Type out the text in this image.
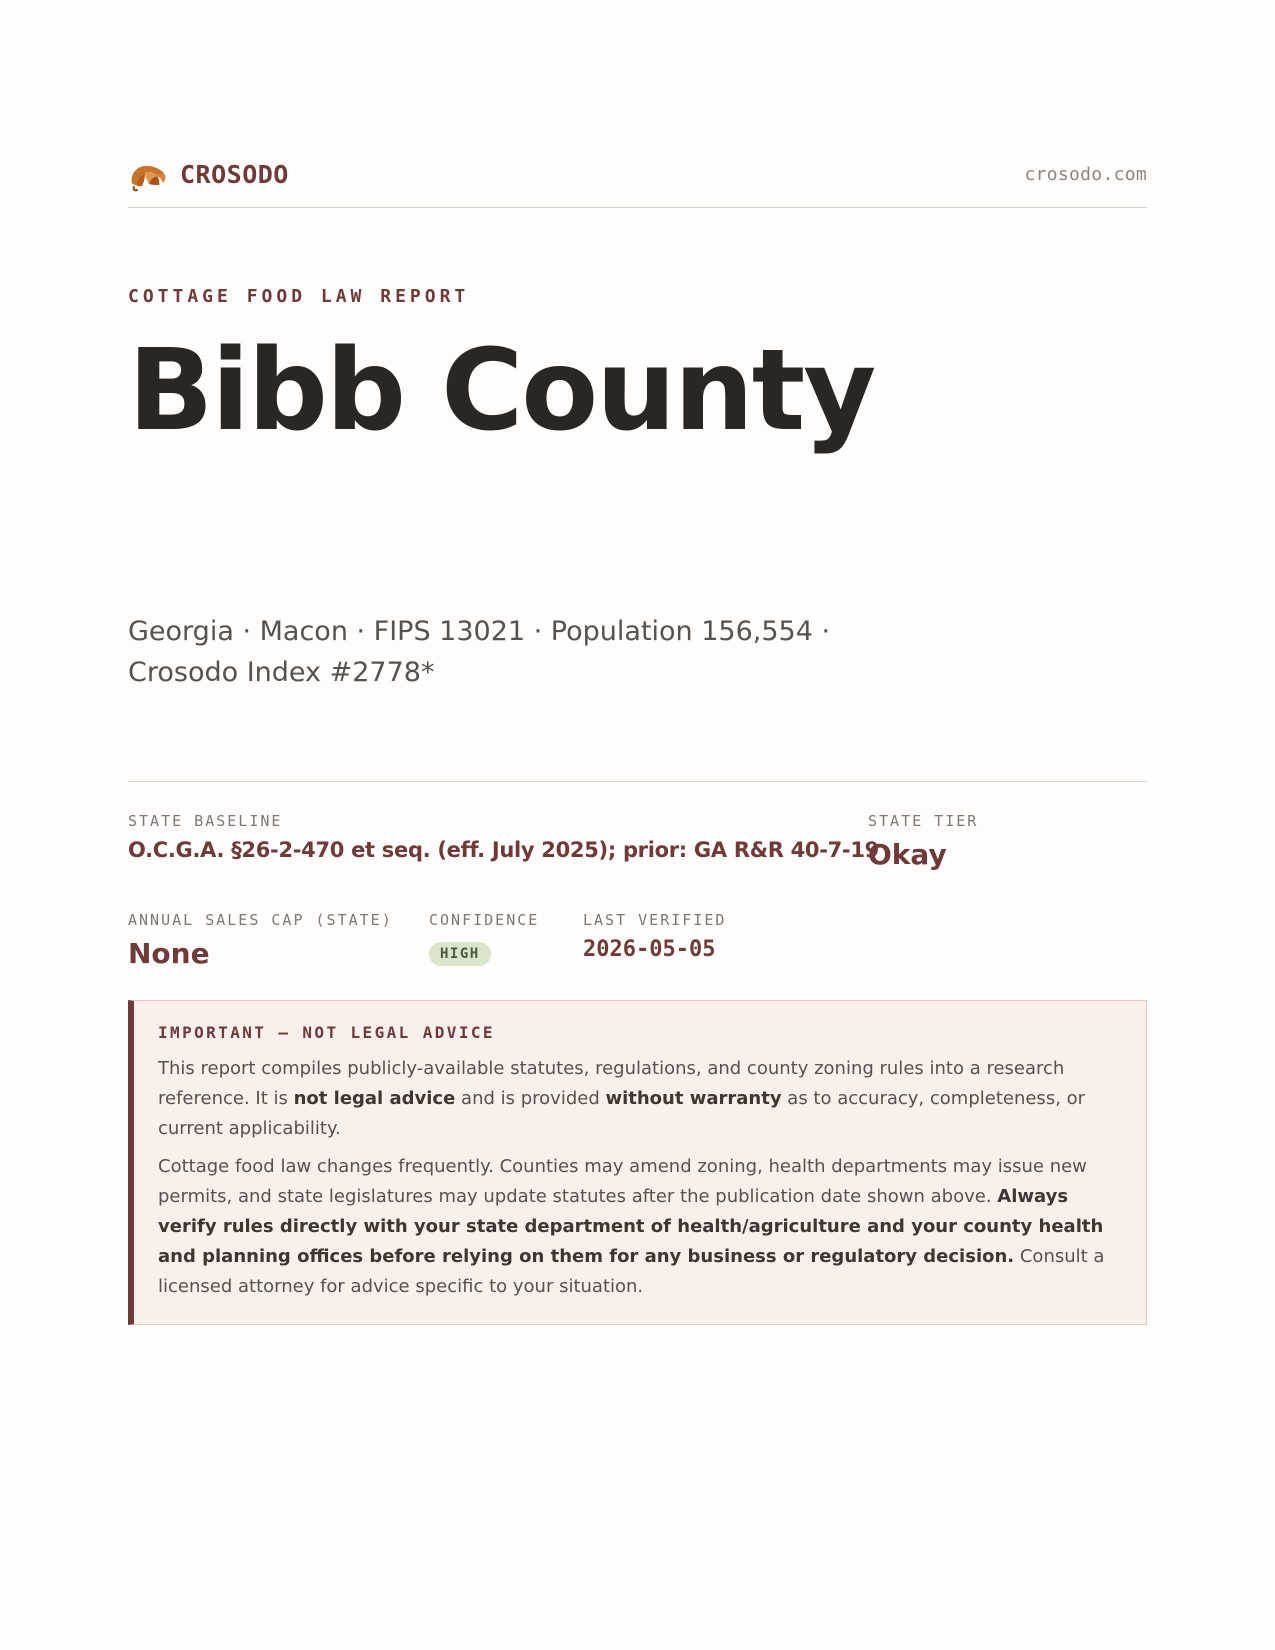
CROSODO	crosodo.com
COTTAGE FOOD LAW REPORT
Bibb County
Georgia · Macon · FIPS 13021 · Population 156,554 · Crosodo Index #2778*
STATE BASELINE
O.C.G.A. §26-2-470 et seq. (eff. July 2025); prior: GA R&R 40-7-19
STATE TIER
Okay
ANNUAL SALES CAP (STATE)
None
CONFIDENCE
HIGH
LAST VERIFIED
2026-05-05
IMPORTANT — NOT LEGAL ADVICE

This report compiles publicly-available statutes, regulations, and county zoning rules into a research reference. It is not legal advice and is provided without warranty as to accuracy, completeness, or current applicability.

Cottage food law changes frequently. Counties may amend zoning, health departments may issue new permits, and state legislatures may update statutes after the publication date shown above. Always verify rules directly with your state department of health/agriculture and your county health and planning offices before relying on them for any business or regulatory decision. Consult a licensed attorney for advice specific to your situation.
